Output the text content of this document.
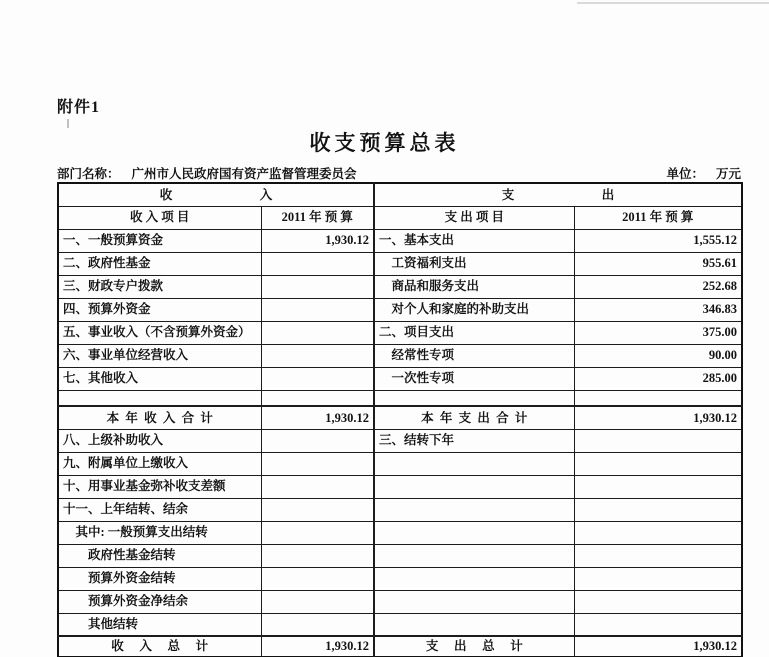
附件1
收支预算总表
部门名称： 广州市人民政府国有资产监督管理委员会	单位： 万元
收　　　　　　　入		支　　　　　　　出	
收 入 项 目	2011 年 预 算	支 出 项 目	2011 年 预 算
一、一般预算资金	1,930.12	一、基本支出	1,555.12
二、政府性基金		　工资福利支出	955.61
三、财政专户拨款		　商品和服务支出	252.68
四、预算外资金		　对个人和家庭的补助支出	346.83
五、事业收入（不含预算外资金）		二、项目支出	375.00
六、事业单位经营收入		　经常性专项	90.00
七、其他收入		　一次性专项	285.00

本  年  收  入  合  计	1,930.12	本  年  支  出  合  计	1,930.12
八、上级补助收入		三、结转下年	
九、附属单位上缴收入			
十、用事业基金弥补收支差额			
十一、上年结转、结余			
　其中: 一般预算支出结转			
　　政府性基金结转			
　　预算外资金结转			
　　预算外资金净结余			
　　其他结转			
收　 入　 总　 计	1,930.12	支　 出　 总　 计	1,930.12
